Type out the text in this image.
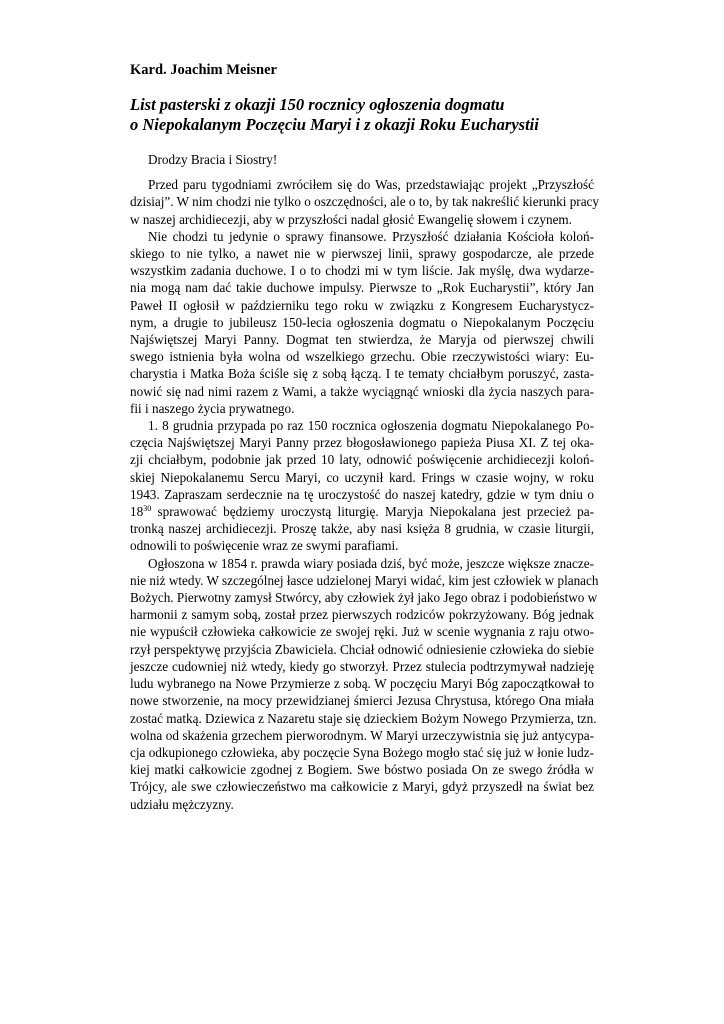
Kard. Joachim Meisner
List pasterski z okazji 150 rocznicy ogłoszenia dogmatu
o Niepokalanym Poczęciu Maryi i z okazji Roku Eucharystii

Drodzy Bracia i Siostry!

Przed paru tygodniami zwróciłem się do Was, przedstawiając projekt „Przyszłość
dzisiaj”. W nim chodzi nie tylko o oszczędności, ale o to, by tak nakreślić kierunki pracy
w naszej archidiecezji, aby w przyszłości nadal głosić Ewangelię słowem i czynem.

Nie chodzi tu jedynie o sprawy finansowe. Przyszłość działania Kościoła koloń-
skiego to nie tylko, a nawet nie w pierwszej linii, sprawy gospodarcze, ale przede
wszystkim zadania duchowe. I o to chodzi mi w tym liście. Jak myślę, dwa wydarze-
nia mogą nam dać takie duchowe impulsy. Pierwsze to „Rok Eucharystii”, który Jan
Paweł II ogłosił w październiku tego roku w związku z Kongresem Eucharystycz-
nym, a drugie to jubileusz 150-lecia ogłoszenia dogmatu o Niepokalanym Poczęciu
Najświętszej Maryi Panny. Dogmat ten stwierdza, że Maryja od pierwszej chwili
swego istnienia była wolna od wszelkiego grzechu. Obie rzeczywistości wiary: Eu-
charystia i Matka Boża ściśle się z sobą łączą. I te tematy chciałbym poruszyć, zasta-
nowić się nad nimi razem z Wami, a także wyciągnąć wnioski dla życia naszych para-
fii i naszego życia prywatnego.

1. 8 grudnia przypada po raz 150 rocznica ogłoszenia dogmatu Niepokalanego Po-
częcia Najświętszej Maryi Panny przez błogosławionego papieża Piusa XI. Z tej oka-
zji chciałbym, podobnie jak przed 10 laty, odnowić poświęcenie archidiecezji koloń-
skiej Niepokalanemu Sercu Maryi, co uczynił kard. Frings w czasie wojny, w roku
1943. Zapraszam serdecznie na tę uroczystość do naszej katedry, gdzie w tym dniu o
$18^{30}$ sprawować będziemy uroczystą liturgię. Maryja Niepokalana jest przecież pa-
tronką naszej archidiecezji. Proszę także, aby nasi księża 8 grudnia, w czasie liturgii,
odnowili to poświęcenie wraz ze swymi parafiami.

Ogłoszona w 1854 r. prawda wiary posiada dziś, być może, jeszcze większe znacze-
nie niż wtedy. W szczególnej łasce udzielonej Maryi widać, kim jest człowiek w planach
Bożych. Pierwotny zamysł Stwórcy, aby człowiek żył jako Jego obraz i podobieństwo w
harmonii z samym sobą, został przez pierwszych rodziców pokrzyżowany. Bóg jednak
nie wypuścił człowieka całkowicie ze swojej ręki. Już w scenie wygnania z raju otwo-
rzył perspektywę przyjścia Zbawiciela. Chciał odnowić odniesienie człowieka do siebie
jeszcze cudowniej niż wtedy, kiedy go stworzył. Przez stulecia podtrzymywał nadzieję
ludu wybranego na Nowe Przymierze z sobą. W poczęciu Maryi Bóg zapoczątkował to
nowe stworzenie, na mocy przewidzianej śmierci Jezusa Chrystusa, którego Ona miała
zostać matką. Dziewica z Nazaretu staje się dzieckiem Bożym Nowego Przymierza, tzn.
wolna od skażenia grzechem pierworodnym. W Maryi urzeczywistnia się już antycypa-
cja odkupionego człowieka, aby poczęcie Syna Bożego mogło stać się już w łonie ludz-
kiej matki całkowicie zgodnej z Bogiem. Swe bóstwo posiada On ze swego źródła w
Trójcy, ale swe człowieczeństwo ma całkowicie z Maryi, gdyż przyszedł na świat bez
udziału mężczyzny.
